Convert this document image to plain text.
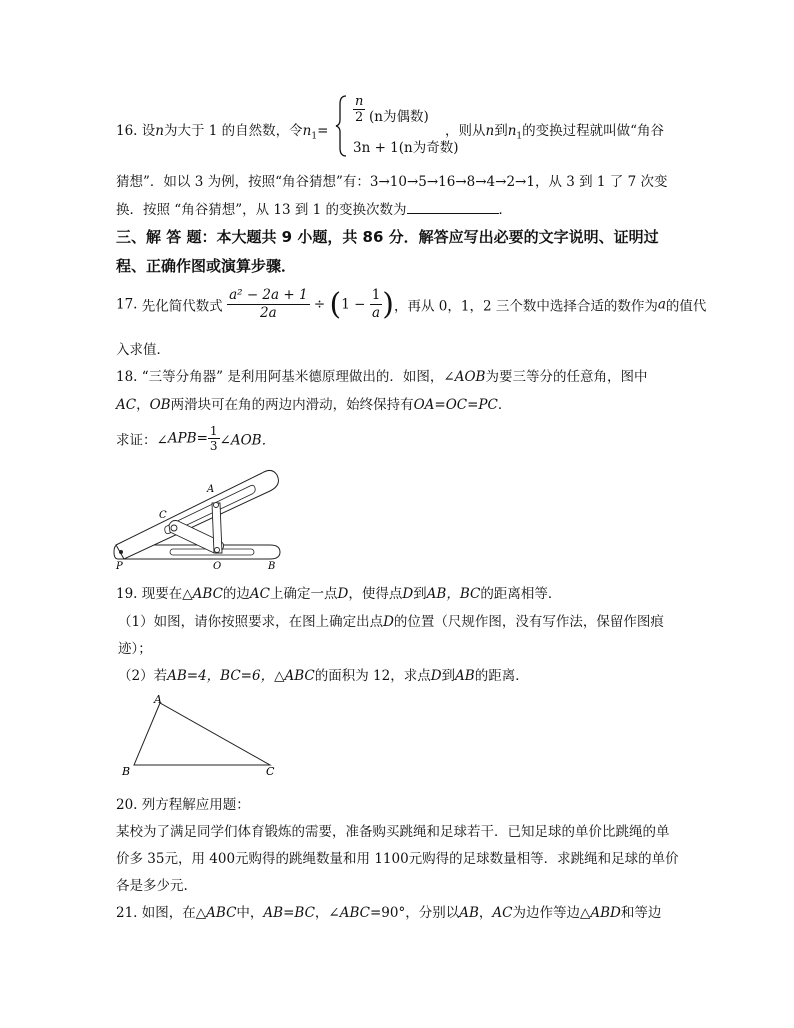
16. 设n为大于 1 的自然数，令$n_1=$
$\frac{n}{2} (n$为偶数)
3n + 1(n为奇数)
，则从n到$n_1$的变换过程就叫做“角谷
猜想”．如以 3 为例，按照“角谷猜想”有：3→10→5→16→8→4→2→1，从 3 到 1 了 7 次变
换．按照 “角谷猜想”，从 13 到 1 的变换次数为	．
三、解 答 题：本大题共 9 小题，共 86 分．解答应写出必要的文字说明、证明过
程、正确作图或演算步骤．
17. 先化简代数式 $\frac{\text{a² − 2a + 1}}{2a} \div (1 - \frac{1}{a}$ )，再从 0，1，2 三个数中选择合适的数作为a的值代
入求值．
18. “三等分角器” 是利用阿基米德原理做出的．如图，∠AOB为要三等分的任意角，图中
AC，OB两滑块可在角的两边内滑动，始终保持有OA=OC=PC．
求证：∠APB= $\frac{1}{3}$ ∠AOB．
A
C
P	O	B
19. 现要在△ABC的边AC上确定一点D，使得点D到AB，BC的距离相等．
（1）如图，请你按照要求，在图上确定出点D的位置（尺规作图，没有写作法，保留作图痕
迹）；
（2）若AB=4，BC=6，△ABC的面积为 12，求点D到AB的距离．
A
B	C
20. 列方程解应用题：
某校为了满足同学们体育锻炼的需要，准备购买跳绳和足球若干．已知足球的单价比跳绳的单
价多 35元，用 400元购得的跳绳数量和用 1100元购得的足球数量相等．求跳绳和足球的单价
各是多少元.
21. 如图，在△ABC中，AB=BC，∠ABC=90°，分别以AB，AC为边作等边△ABD和等边
